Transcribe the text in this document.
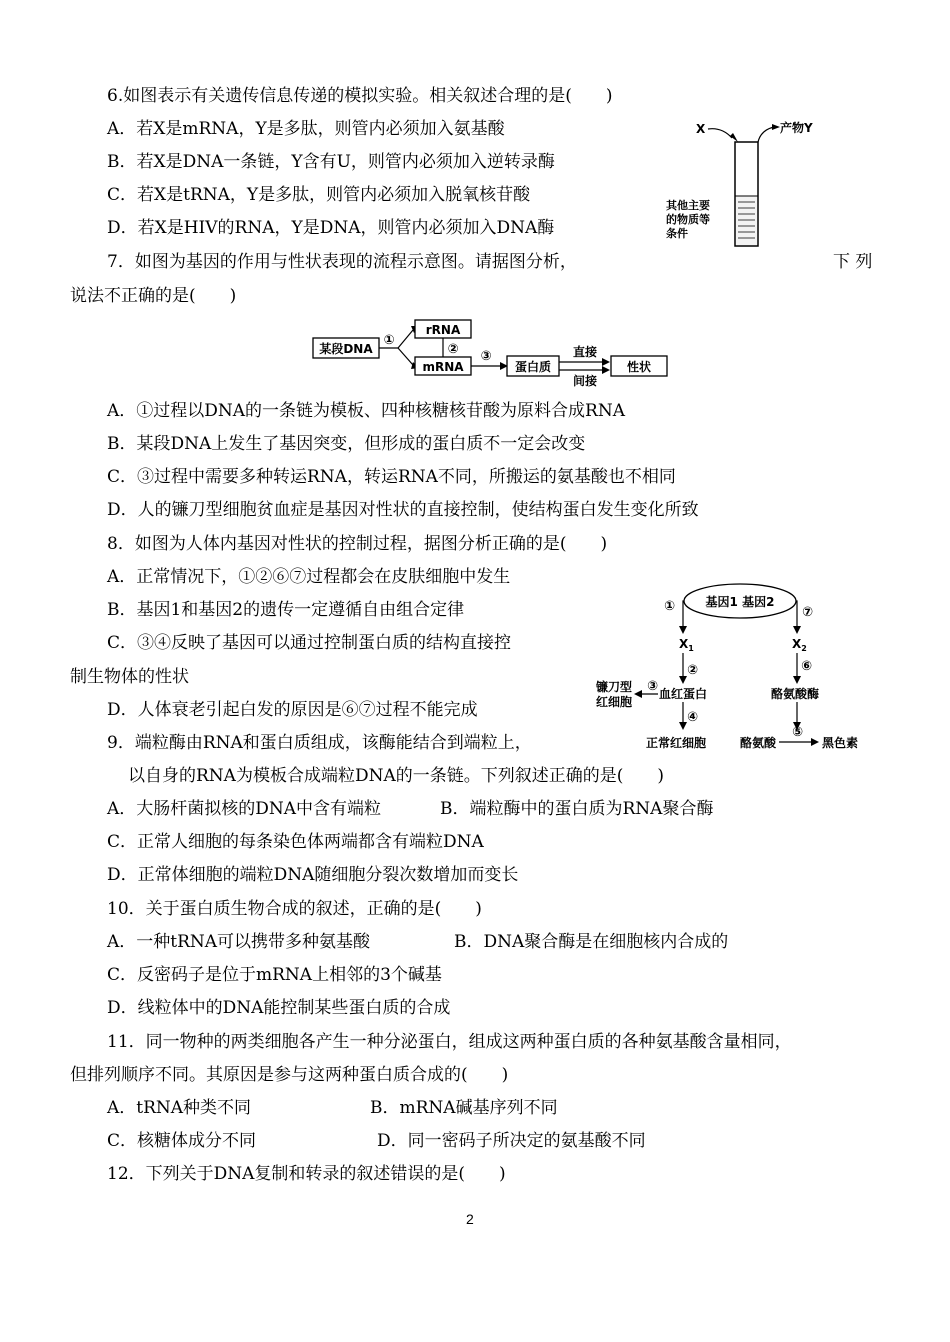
6.如图表示有关遗传信息传递的模拟实验。相关叙述合理的是(　　)
A．若X是mRNA，Y是多肽，则管内必须加入氨基酸
B．若X是DNA一条链，Y含有U，则管内必须加入逆转录酶
C．若X是tRNA，Y是多肽，则管内必须加入脱氧核苷酸
D．若X是HIV的RNA，Y是DNA，则管内必须加入DNA酶
X	产物Y
其他主要
的物质等
条件
7．如图为基因的作用与性状表现的流程示意图。请据图分析，	下 列
说法不正确的是(　　)
某段DNA
①
rRNA
mRNA
② ③
蛋白质
直接
间接
性状
A．①过程以DNA的一条链为模板、四种核糖核苷酸为原料合成RNA
B．某段DNA上发生了基因突变，但形成的蛋白质不一定会改变
C．③过程中需要多种转运RNA，转运RNA不同，所搬运的氨基酸也不相同
D．人的镰刀型细胞贫血症是基因对性状的直接控制，使结构蛋白发生变化所致
8．如图为人体内基因对性状的控制过程，据图分析正确的是(　　)
A．正常情况下，①②⑥⑦过程都会在皮肤细胞中发生
B．基因1和基因2的遗传一定遵循自由组合定律
C．③④反映了基因可以通过控制蛋白质的结构直接控
制生物体的性状
D．人体衰老引起白发的原因是⑥⑦过程不能完成
基因1 基因2
①	⑦
$X_1$	$X_2$
②	⑥
血红蛋白	酪氨酸酶
③
镰刀型
红细胞
④
正常红细胞	酪氨酸
⑤
黑色素
9．端粒酶由RNA和蛋白质组成，该酶能结合到端粒上，
以自身的RNA为模板合成端粒DNA的一条链。下列叙述正确的是(　　)
A．大肠杆菌拟核的DNA中含有端粒	B．端粒酶中的蛋白质为RNA聚合酶
C．正常人细胞的每条染色体两端都含有端粒DNA
D．正常体细胞的端粒DNA随细胞分裂次数增加而变长
10．关于蛋白质生物合成的叙述，正确的是(　　)
A．一种tRNA可以携带多种氨基酸	B．DNA聚合酶是在细胞核内合成的
C．反密码子是位于mRNA上相邻的3个碱基
D．线粒体中的DNA能控制某些蛋白质的合成
11．同一物种的两类细胞各产生一种分泌蛋白，组成这两种蛋白质的各种氨基酸含量相同，
但排列顺序不同。其原因是参与这两种蛋白质合成的(　　)
A．tRNA种类不同	B．mRNA碱基序列不同
C．核糖体成分不同	D．同一密码子所决定的氨基酸不同
12．下列关于DNA复制和转录的叙述错误的是(　　)
2
